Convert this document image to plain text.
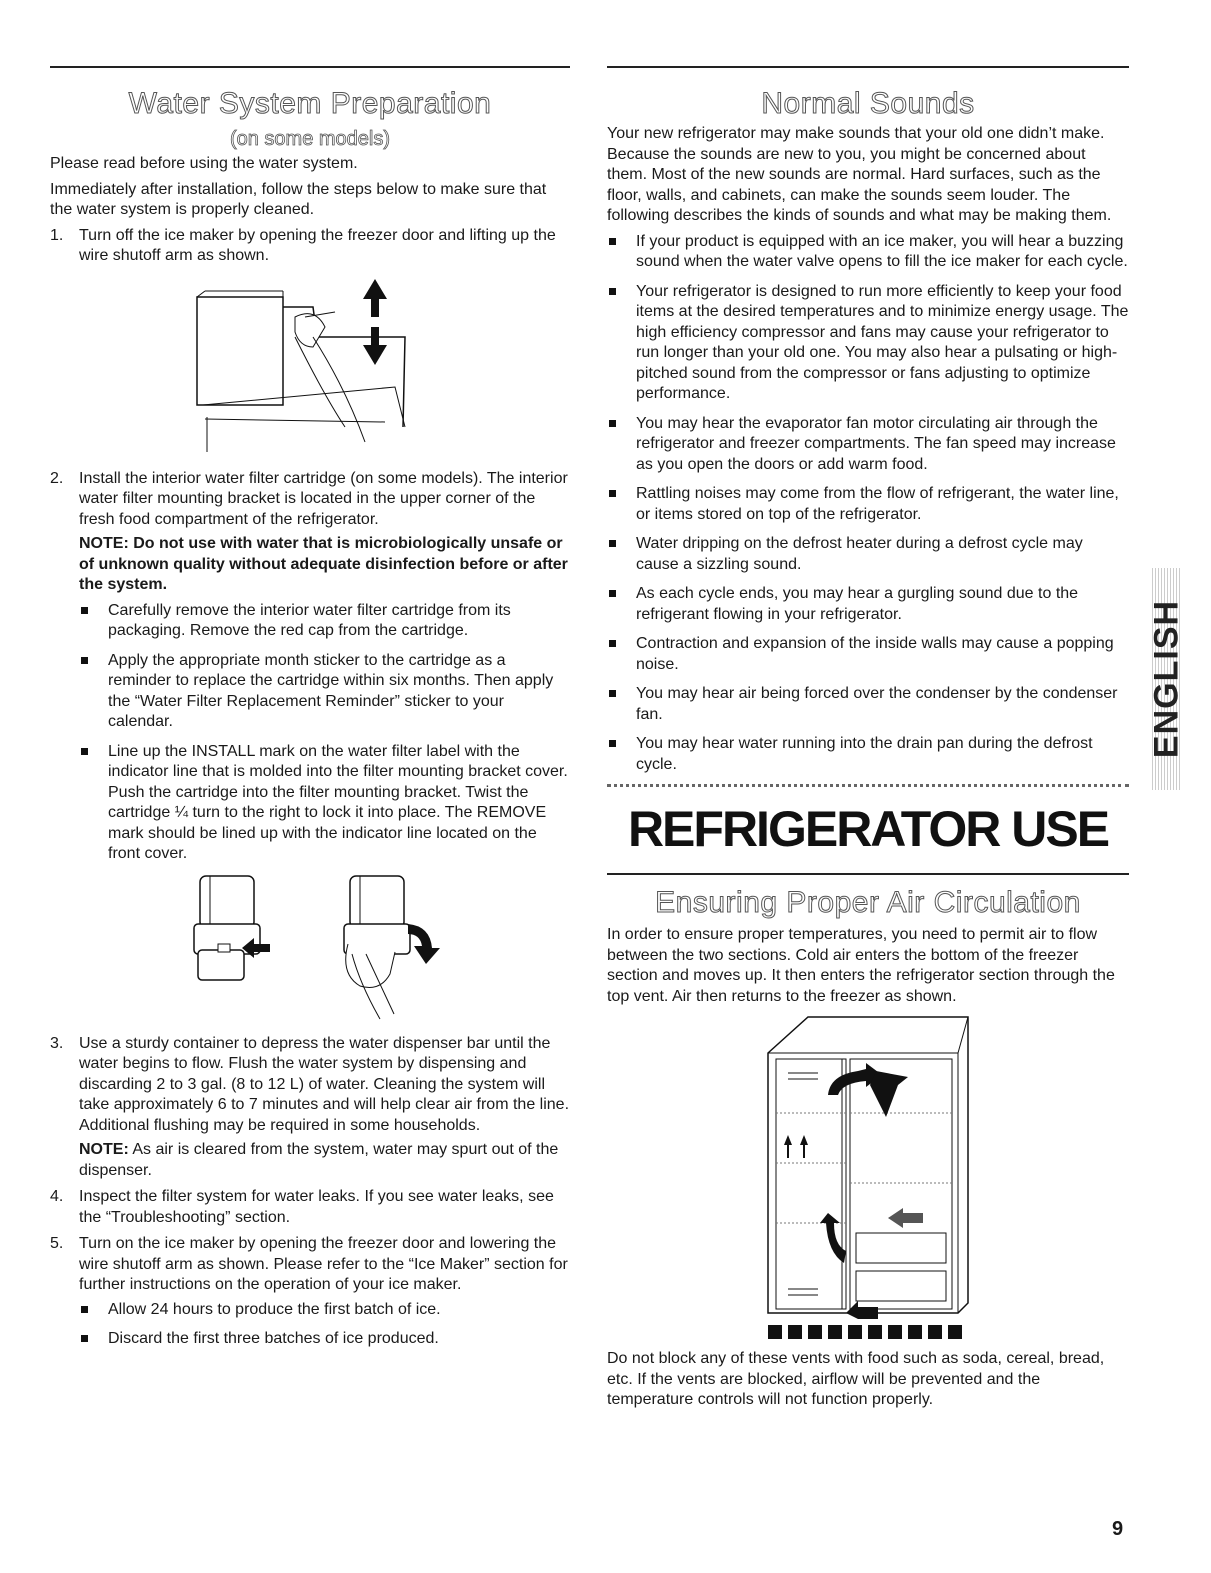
Water System Preparation
(on some models)

Please read before using the water system.

Immediately after installation, follow the steps below to make sure that the water system is properly cleaned.

1. Turn off the ice maker by opening the freezer door and lifting up the wire shutoff arm as shown.
2. Install the interior water filter cartridge (on some models). The interior water filter mounting bracket is located in the upper corner of the fresh food compartment of the refrigerator.

NOTE: Do not use with water that is microbiologically unsafe or of unknown quality without adequate disinfection before or after the system.

Carefully remove the interior water filter cartridge from its packaging. Remove the red cap from the cartridge.
Apply the appropriate month sticker to the cartridge as a reminder to replace the cartridge within six months. Then apply the “Water Filter Replacement Reminder” sticker to your calendar.
Line up the INSTALL mark on the water filter label with the indicator line that is molded into the filter mounting bracket cover. Push the cartridge into the filter mounting bracket. Twist the cartridge ¼ turn to the right to lock it into place. The REMOVE mark should be lined up with the indicator line located on the front cover.
3. Use a sturdy container to depress the water dispenser bar until the water begins to flow. Flush the water system by dispensing and discarding 2 to 3 gal. (8 to 12 L) of water. Cleaning the system will take approximately 6 to 7 minutes and will help clear air from the line. Additional flushing may be required in some households.

NOTE: As air is cleared from the system, water may spurt out of the dispenser.

4. Inspect the filter system for water leaks. If you see water leaks, see the “Troubleshooting” section.
5. Turn on the ice maker by opening the freezer door and lowering the wire shutoff arm as shown. Please refer to the “Ice Maker” section for further instructions on the operation of your ice maker.
Allow 24 hours to produce the first batch of ice.
Discard the first three batches of ice produced.
Normal Sounds

Your new refrigerator may make sounds that your old one didn’t make. Because the sounds are new to you, you might be concerned about them. Most of the new sounds are normal. Hard surfaces, such as the floor, walls, and cabinets, can make the sounds seem louder. The following describes the kinds of sounds and what may be making them.

If your product is equipped with an ice maker, you will hear a buzzing sound when the water valve opens to fill the ice maker for each cycle.
Your refrigerator is designed to run more efficiently to keep your food items at the desired temperatures and to minimize energy usage. The high efficiency compressor and fans may cause your refrigerator to run longer than your old one. You may also hear a pulsating or high-pitched sound from the compressor or fans adjusting to optimize performance.
You may hear the evaporator fan motor circulating air through the refrigerator and freezer compartments. The fan speed may increase as you open the doors or add warm food.
Rattling noises may come from the flow of refrigerant, the water line, or items stored on top of the refrigerator.
Water dripping on the defrost heater during a defrost cycle may cause a sizzling sound.
As each cycle ends, you may hear a gurgling sound due to the refrigerant flowing in your refrigerator.
Contraction and expansion of the inside walls may cause a popping noise.
You may hear air being forced over the condenser by the condenser fan.
You may hear water running into the drain pan during the defrost cycle.
REFRIGERATOR USE
Ensuring Proper Air Circulation

In order to ensure proper temperatures, you need to permit air to flow between the two sections. Cold air enters the bottom of the freezer section and moves up. It then enters the refrigerator section through the top vent. Air then returns to the freezer as shown.

Do not block any of these vents with food such as soda, cereal, bread, etc. If the vents are blocked, airflow will be prevented and the temperature controls will not function properly.

ENGLISH
9
